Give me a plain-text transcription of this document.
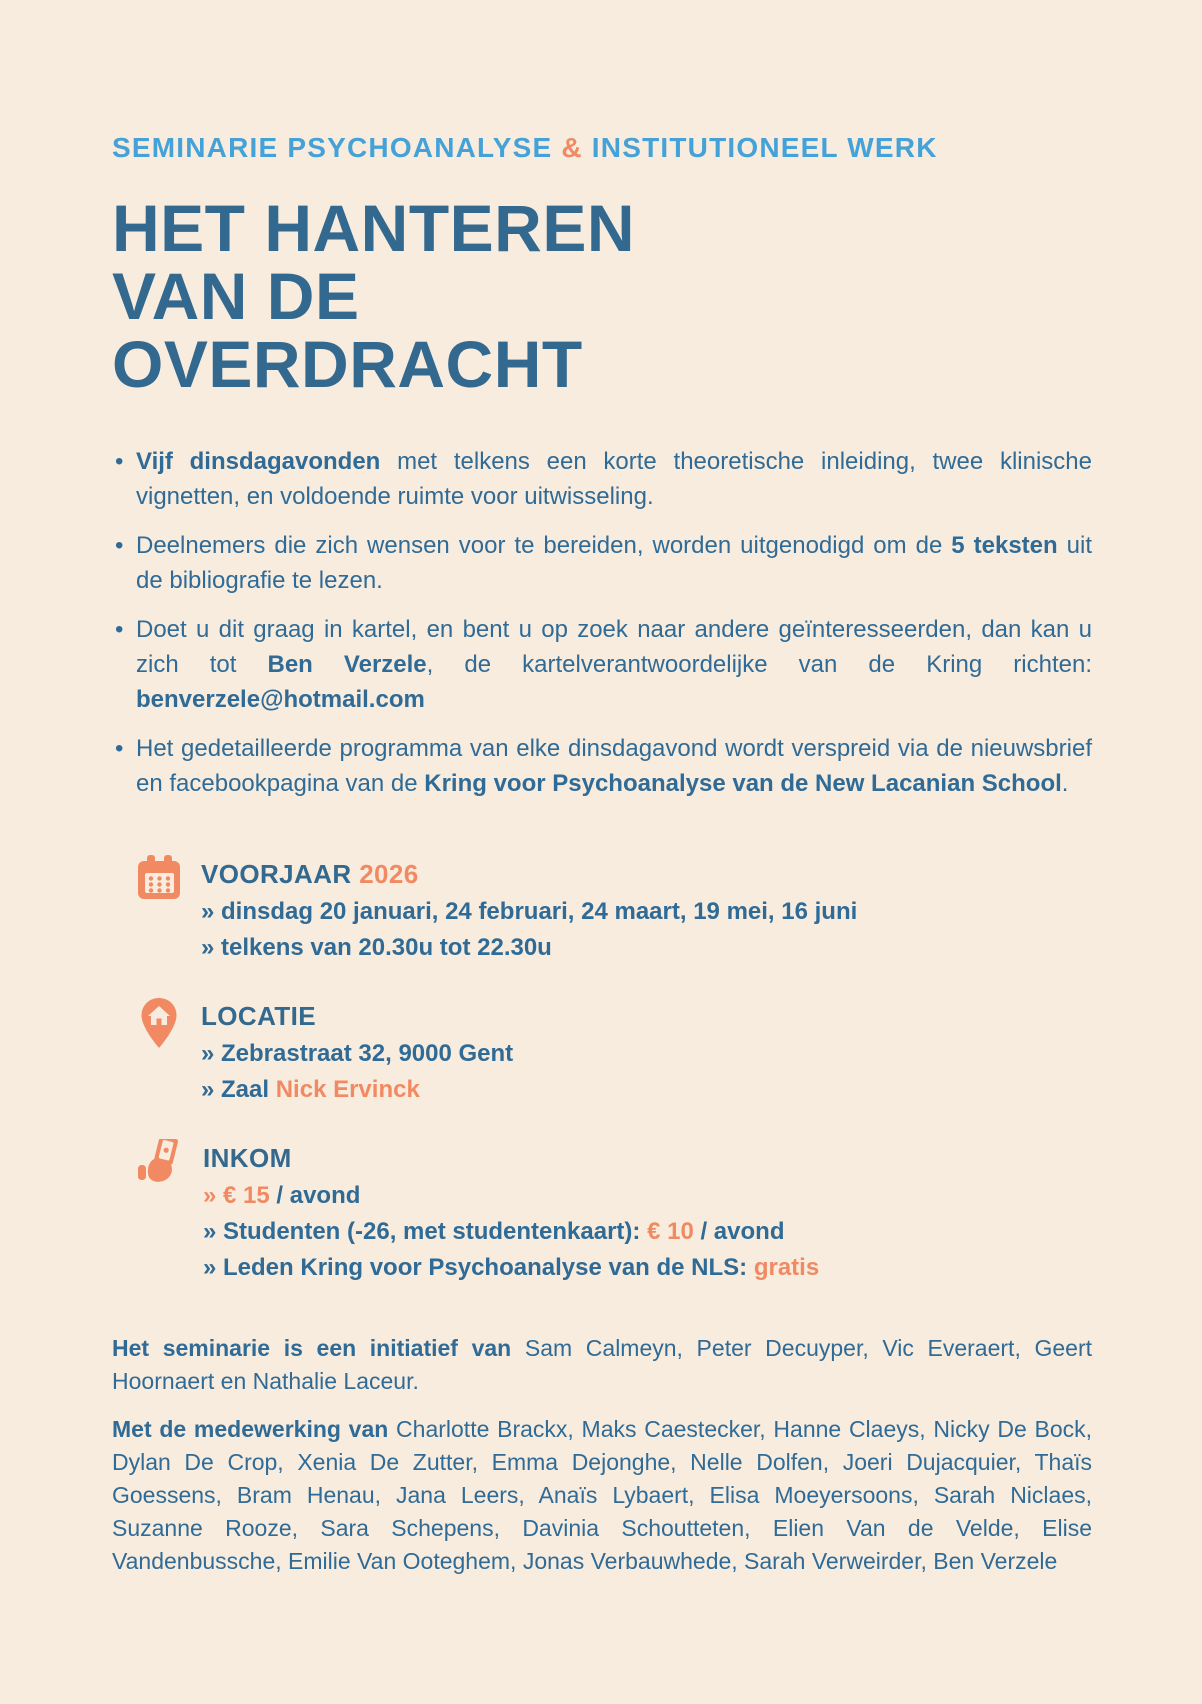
SEMINARIE PSYCHOANALYSE & INSTITUTIONEEL WERK
HET HANTEREN
VAN DE
OVERDRACHT
• Vijf dinsdagavonden met telkens een korte theoretische inleiding, twee klinische vignetten, en voldoende ruimte voor uitwisseling.
• Deelnemers die zich wensen voor te bereiden, worden uitgenodigd om de 5 teksten uit de bibliografie te lezen.
• Doet u dit graag in kartel, en bent u op zoek naar andere geïnteresseerden, dan kan u zich tot Ben Verzele, de kartelverantwoordelijke van de Kring richten: benverzele@hotmail.com
• Het gedetailleerde programma van elke dinsdagavond wordt verspreid via de nieuwsbrief en facebookpagina van de Kring voor Psychoanalyse van de New Lacanian School.
VOORJAAR 2026
» dinsdag 20 januari, 24 februari, 24 maart, 19 mei, 16 juni
» telkens van 20.30u tot 22.30u
LOCATIE
» Zebrastraat 32, 9000 Gent
» Zaal Nick Ervinck
INKOM
» € 15 / avond
» Studenten (-26, met studentenkaart): € 10 / avond
» Leden Kring voor Psychoanalyse van de NLS: gratis

Het seminarie is een initiatief van Sam Calmeyn, Peter Decuyper, Vic Everaert, Geert Hoornaert en Nathalie Laceur.

Met de medewerking van Charlotte Brackx, Maks Caestecker, Hanne Claeys, Nicky De Bock, Dylan De Crop, Xenia De Zutter, Emma Dejonghe, Nelle Dolfen, Joeri Dujacquier, Thaïs Goessens, Bram Henau, Jana Leers, Anaïs Lybaert, Elisa Moeyersoons, Sarah Niclaes, Suzanne Rooze, Sara Schepens, Davinia Schoutteten, Elien Van de Velde, Elise Vandenbussche, Emilie Van Ooteghem, Jonas Verbauwhede, Sarah Verweirder, Ben Verzele
